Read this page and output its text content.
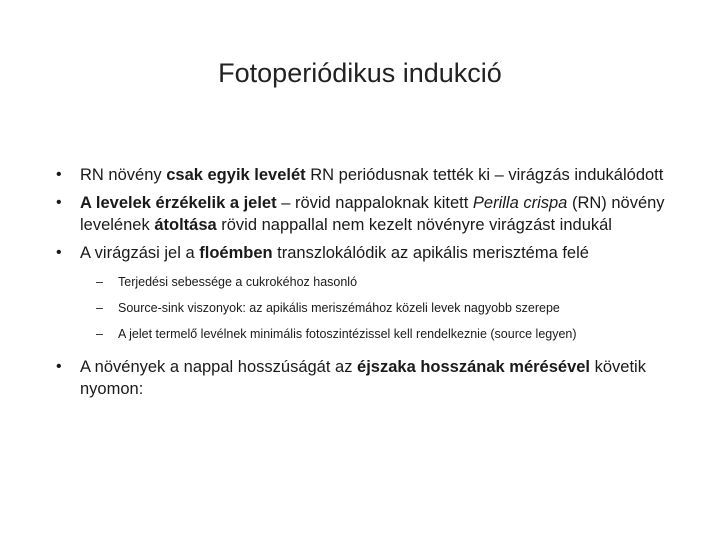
Fotoperiódikus indukció
• RN növény csak egyik levelét RN periódusnak tették ki – virágzás indukálódott
• A levelek érzékelik a jelet – rövid nappaloknak kitett Perilla crispa (RN) növény levelének átoltása rövid nappallal nem kezelt növényre virágzást indukál
• A virágzási jel a floémben transzlokálódik az apikális merisztéma felé
– Terjedési sebessége a cukrokéhoz hasonló
– Source-sink viszonyok: az apikális meriszémához közeli levek nagyobb szerepe
– A jelet termelő levélnek minimális fotoszintézissel kell rendelkeznie (source legyen)
• A növények a nappal hosszúságát az éjszaka hosszának mérésével követik nyomon:
